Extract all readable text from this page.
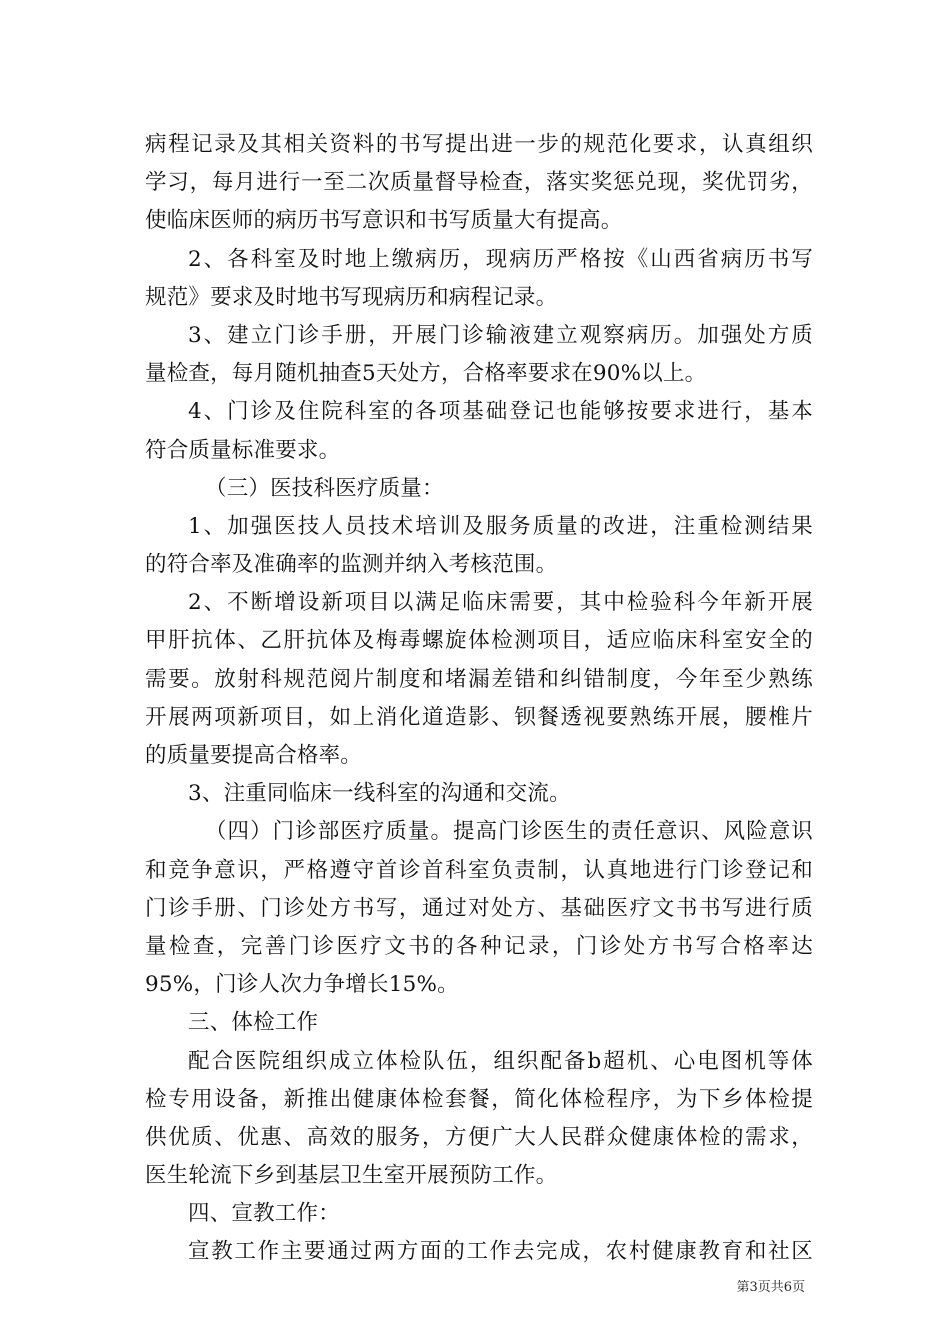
病程记录及其相关资料的书写提出进一步的规范化要求，认真组织
学习，每月进行一至二次质量督导检查，落实奖惩兑现，奖优罚劣，
使临床医师的病历书写意识和书写质量大有提高。
2、各科室及时地上缴病历，现病历严格按《山西省病历书写
规范》要求及时地书写现病历和病程记录。
3、建立门诊手册，开展门诊输液建立观察病历。加强处方质
量检查，每月随机抽查5天处方，合格率要求在90%以上。
4、门诊及住院科室的各项基础登记也能够按要求进行，基本
符合质量标准要求。
（三）医技科医疗质量：
1、加强医技人员技术培训及服务质量的改进，注重检测结果
的符合率及准确率的监测并纳入考核范围。
2、不断增设新项目以满足临床需要，其中检验科今年新开展
甲肝抗体、乙肝抗体及梅毒螺旋体检测项目，适应临床科室安全的
需要。放射科规范阅片制度和堵漏差错和纠错制度，今年至少熟练
开展两项新项目，如上消化道造影、钡餐透视要熟练开展，腰椎片
的质量要提高合格率。
3、注重同临床一线科室的沟通和交流。
（四）门诊部医疗质量。提高门诊医生的责任意识、风险意识
和竞争意识，严格遵守首诊首科室负责制，认真地进行门诊登记和
门诊手册、门诊处方书写，通过对处方、基础医疗文书书写进行质
量检查，完善门诊医疗文书的各种记录，门诊处方书写合格率达
95%，门诊人次力争增长15%。
三、体检工作
配合医院组织成立体检队伍，组织配备b超机、心电图机等体
检专用设备，新推出健康体检套餐，简化体检程序，为下乡体检提
供优质、优惠、高效的服务，方便广大人民群众健康体检的需求，
医生轮流下乡到基层卫生室开展预防工作。
四、宣教工作：
宣教工作主要通过两方面的工作去完成，农村健康教育和社区
第3页共6页
